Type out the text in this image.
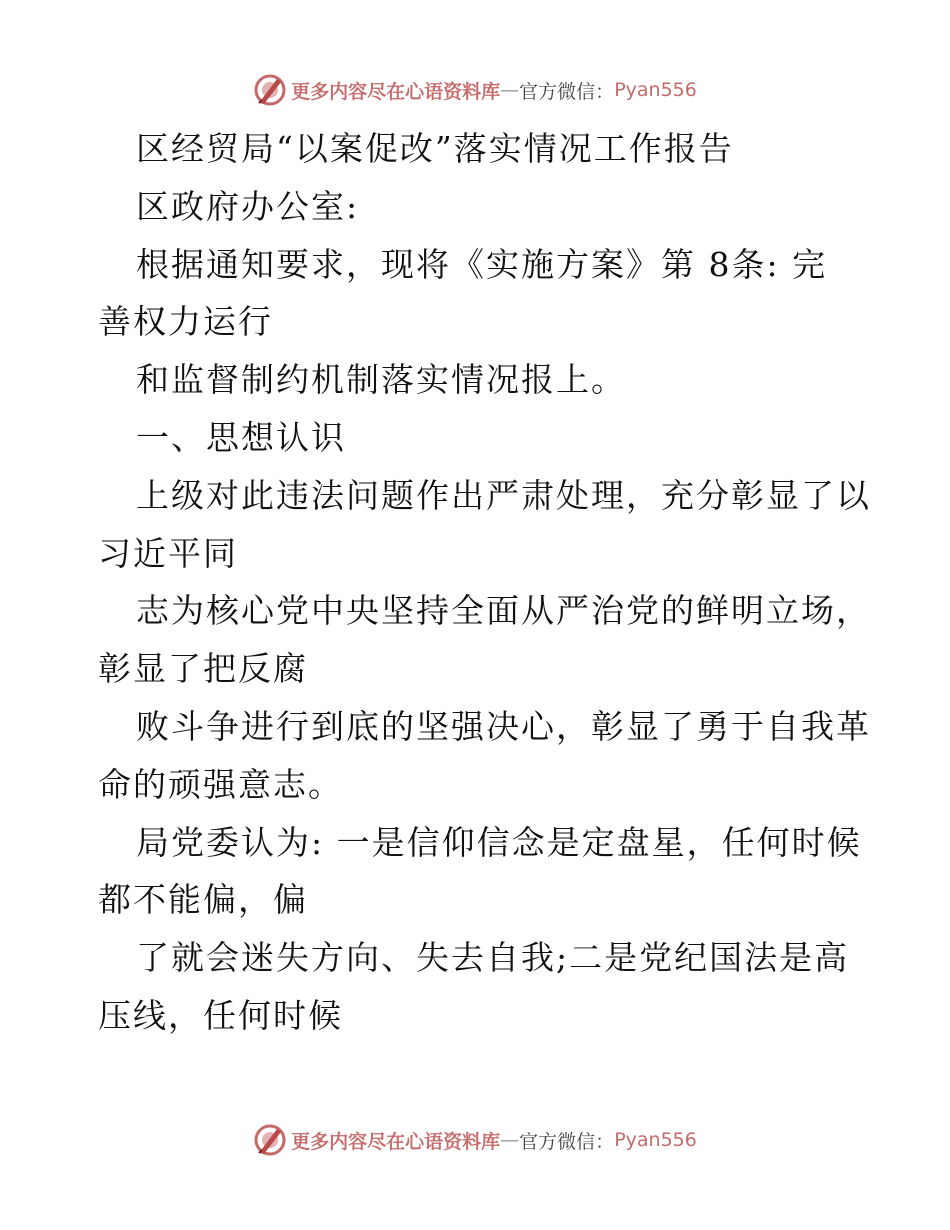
更多内容尽在心语资料库 — 官方微信： Pyan556
区经贸局“以案促改”落实情况工作报告
区政府办公室:
根据通知要求，现将《实施方案》第 8条: 完
善权力运行
和监督制约机制落实情况报上。
一、思想认识
上级对此违法问题作出严肃处理，充分彰显了以
习近平同
志为核心党中央坚持全面从严治党的鲜明立场，
彰显了把反腐
败斗争进行到底的坚强决心，彰显了勇于自我革
命的顽强意志。
局党委认为: 一是信仰信念是定盘星，任何时候
都不能偏，偏
了就会迷失方向、失去自我;二是党纪国法是高
压线，任何时候
更多内容尽在心语资料库 — 官方微信： Pyan556
